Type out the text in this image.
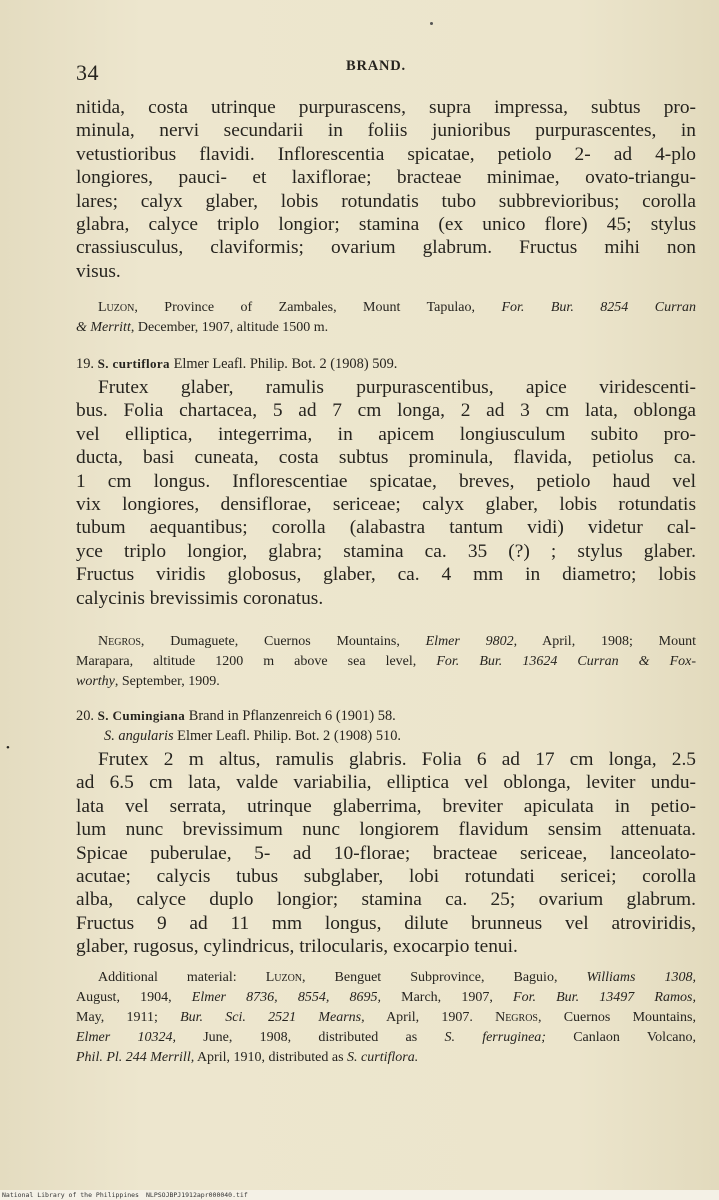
34	BRAND.
nitida, costa utrinque purpurascens, supra impressa, subtus pro-
minula, nervi secundarii in foliis junioribus purpurascentes, in
vetustioribus flavidi. Inflorescentia spicatae, petiolo 2- ad 4-plo
longiores, pauci- et laxiflorae; bracteae minimae, ovato-triangu-
lares; calyx glaber, lobis rotundatis tubo subbrevioribus; corolla
glabra, calyce triplo longior; stamina (ex unico flore) 45; stylus
crassiusculus, claviformis; ovarium glabrum. Fructus mihi non
visus.
Luzon, Province of Zambales, Mount Tapulao, For. Bur. 8254 Curran
& Merritt, December, 1907, altitude 1500 m.
19. S. curtiflora Elmer Leafl. Philip. Bot. 2 (1908) 509.
Frutex glaber, ramulis purpurascentibus, apice viridescenti-
bus. Folia chartacea, 5 ad 7 cm longa, 2 ad 3 cm lata, oblonga
vel elliptica, integerrima, in apicem longiusculum subito pro-
ducta, basi cuneata, costa subtus prominula, flavida, petiolus ca.
1 cm longus. Inflorescentiae spicatae, breves, petiolo haud vel
vix longiores, densiflorae, sericeae; calyx glaber, lobis rotundatis
tubum aequantibus; corolla (alabastra tantum vidi) videtur cal-
yce triplo longior, glabra; stamina ca. 35 (?) ; stylus glaber.
Fructus viridis globosus, glaber, ca. 4 mm in diametro; lobis
calycinis brevissimis coronatus.
Negros, Dumaguete, Cuernos Mountains, Elmer 9802, April, 1908; Mount
Marapara, altitude 1200 m above sea level, For. Bur. 13624 Curran & Fox-
worthy, September, 1909.
20. S. Cumingiana Brand in Pflanzenreich 6 (1901) 58.
S. angularis Elmer Leafl. Philip. Bot. 2 (1908) 510.
•
Frutex 2 m altus, ramulis glabris. Folia 6 ad 17 cm longa, 2.5
ad 6.5 cm lata, valde variabilia, elliptica vel oblonga, leviter undu-
lata vel serrata, utrinque glaberrima, breviter apiculata in petio-
lum nunc brevissimum nunc longiorem flavidum sensim attenuata.
Spicae puberulae, 5- ad 10-florae; bracteae sericeae, lanceolato-
acutae; calycis tubus subglaber, lobi rotundati sericei; corolla
alba, calyce duplo longior; stamina ca. 25; ovarium glabrum.
Fructus 9 ad 11 mm longus, dilute brunneus vel atroviridis,
glaber, rugosus, cylindricus, trilocularis, exocarpio tenui.
Additional material: Luzon, Benguet Subprovince, Baguio, Williams 1308,
August, 1904, Elmer 8736, 8554, 8695, March, 1907, For. Bur. 13497 Ramos,
May, 1911; Bur. Sci. 2521 Mearns, April, 1907. Negros, Cuernos Mountains,
Elmer 10324, June, 1908, distributed as S. ferruginea; Canlaon Volcano,
Phil. Pl. 244 Merrill, April, 1910, distributed as S. curtiflora.
National Library of the Philippines NLPSOJBPJ1912apr000040.tif
